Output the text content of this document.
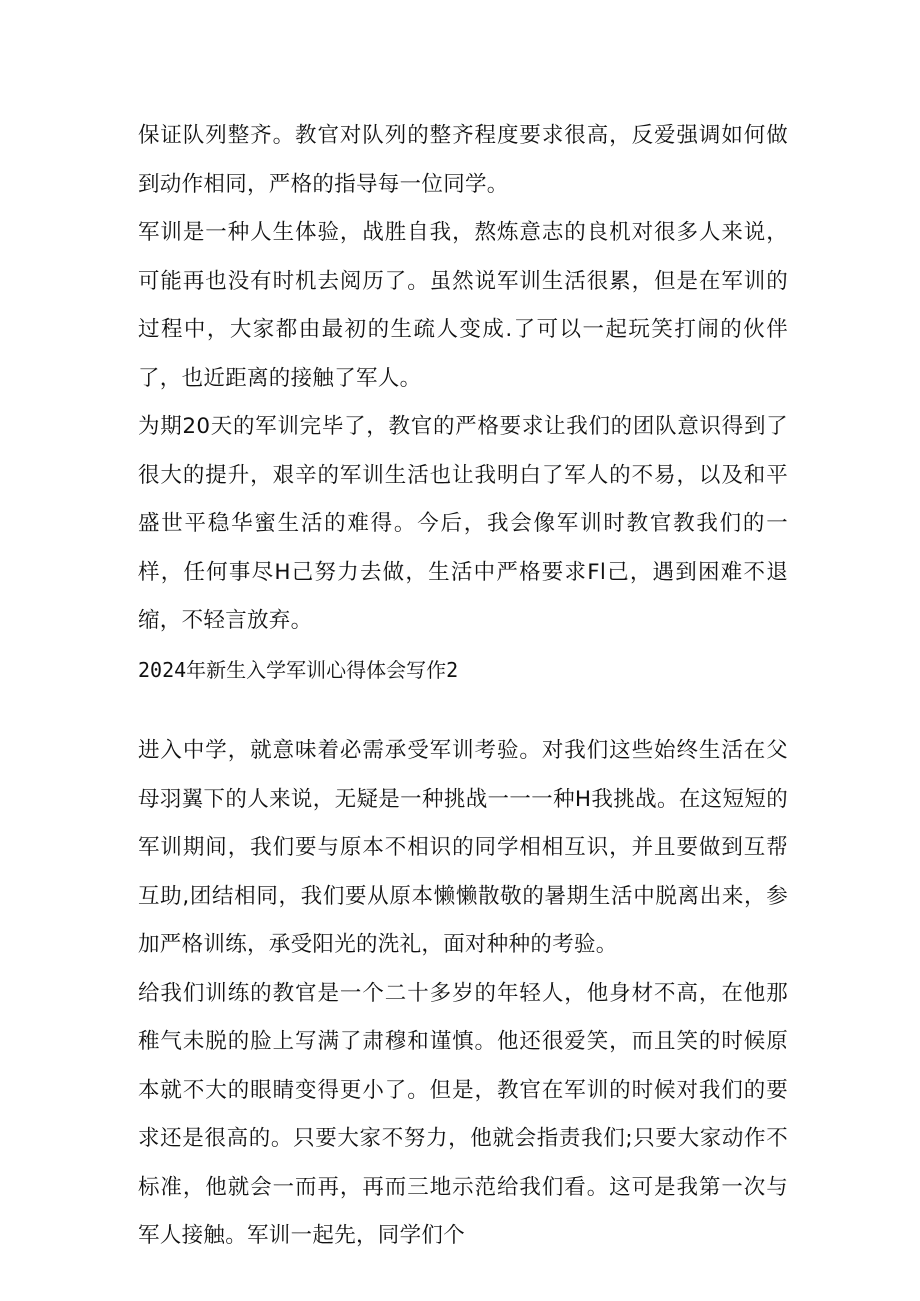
保证队列整齐。教官对队列的整齐程度要求很高，反爱强调如何做到动作相同，严格的指导每一位同学。

军训是一种人生体验，战胜自我，熬炼意志的良机对很多人来说，可能再也没有时机去阅历了。虽然说军训生活很累，但是在军训的过程中，大家都由最初的生疏人变成.了可以一起玩笑打闹的伙伴了，也近距离的接触了军人。

为期20天的军训完毕了，教官的严格要求让我们的团队意识得到了很大的提升，艰辛的军训生活也让我明白了军人的不易，以及和平盛世平稳华蜜生活的难得。今后，我会像军训时教官教我们的一样，任何事尽H己努力去做，生活中严格要求Fl己，遇到困难不退缩，不轻言放弃。

2024年新生入学军训心得体会写作2

进入中学，就意味着必需承受军训考验。对我们这些始终生活在父母羽翼下的人来说，无疑是一种挑战一一一种H我挑战。在这短短的军训期间，我们要与原本不相识的同学相相互识，并且要做到互帮互助,团结相同，我们要从原本懒懒散敬的暑期生活中脱离出来，参加严格训练，承受阳光的洗礼，面对种种的考验。

给我们训练的教官是一个二十多岁的年轻人，他身材不高，在他那稚气未脱的脸上写满了肃穆和谨慎。他还很爱笑，而且笑的时候原本就不大的眼睛变得更小了。但是，教官在军训的时候对我们的要求还是很高的。只要大家不努力，他就会指责我们;只要大家动作不标准，他就会一而再，再而三地示范给我们看。这可是我第一次与军人接触。军训一起先，同学们个
